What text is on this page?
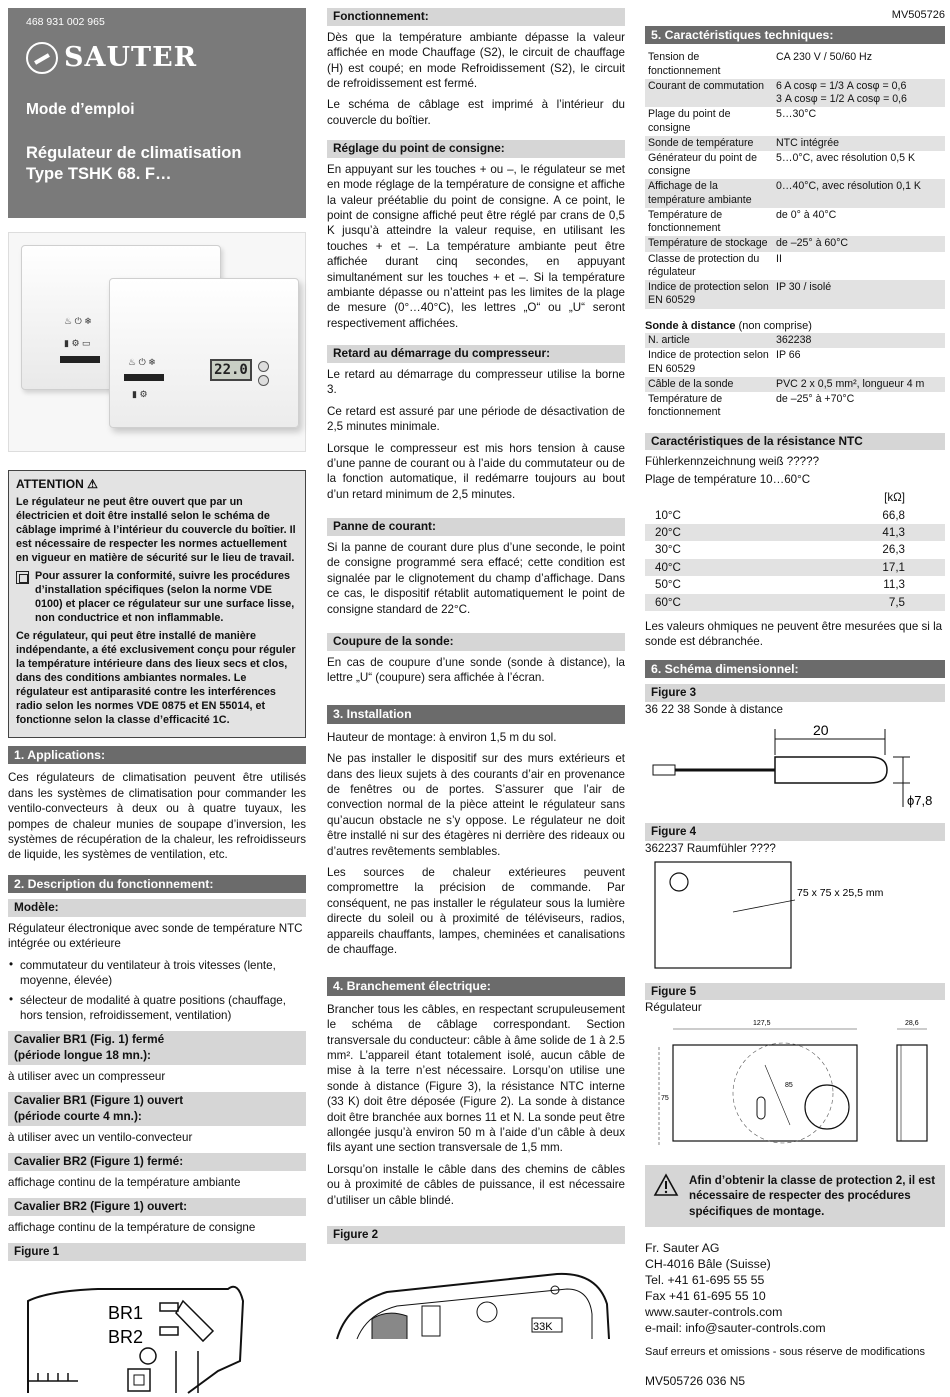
468 931 002 965
SAUTER
Mode d’emploi
Régulateur de climatisation
Type TSHK 68. F…
♨ ⏻ ❄
▮ ⚙ ▭
♨ ⏻ ❄
▮ ⚙
22.0
ATTENTION ⚠

Le régulateur ne peut être ouvert que par un électricien et doit être installé selon le schéma de câblage imprimé à l’intérieur du couvercle du boîtier. Il est nécessaire de respecter les normes actuellement en vigueur en matière de sécurité sur le lieu de travail.

Pour assurer la conformité, suivre les procédures d’installation spécifiques (selon la norme VDE 0100) et placer ce régulateur sur une surface lisse, non conductrice et non inflammable.

Ce régulateur, qui peut être installé de manière indépendante, a été exclusivement conçu pour réguler la température intérieure dans des lieux secs et clos, dans des conditions ambiantes normales. Le régulateur est antiparasité contre les interférences radio selon les normes VDE 0875 et EN 55014, et fonctionne selon la classe d’efficacité 1C.

1. Applications:

Ces régulateurs de climatisation peuvent être utilisés dans les systèmes de climatisation pour commander les ventilo-convecteurs à deux ou à quatre tuyaux, les pompes de chaleur munies de soupape d’inversion, les systèmes de récupération de la chaleur, les refroidisseurs de liquide, les systèmes de ventilation, etc.

2. Description du fonctionnement:
Modèle:

Régulateur électronique avec sonde de température NTC intégrée ou extérieure

• commutateur du ventilateur à trois vitesses (lente, moyenne, élevée)
• sélecteur de modalité à quatre positions (chauffage, hors tension, refroidissement, ventilation)
Cavalier BR1 (Fig. 1) fermé
(période longue 18 mn.):

à utiliser avec un compresseur

Cavalier BR1 (Figure 1) ouvert
(période courte 4 mn.):

à utiliser avec un ventilo-convecteur

Cavalier BR2 (Figure 1) fermé:

affichage continu de la température ambiante

Cavalier BR2 (Figure 1) ouvert:

affichage continu de la température de consigne

Figure 1
BR1
BR2
Fonctionnement:

Dès que la température ambiante dépasse la valeur affichée en mode Chauffage (S2), le circuit de chauffage (H) est coupé; en mode Refroidissement (S2), le circuit de refroidissement est fermé.

Le schéma de câblage est imprimé à l’intérieur du couvercle du boîtier.

Réglage du point de consigne:

En appuyant sur les touches + ou –, le régulateur se met en mode réglage de la température de consigne et affiche la valeur préétablie du point de consigne. A ce point, le point de consigne affiché peut être réglé par crans de 0,5 K jusqu’à atteindre la valeur requise, en utilisant les touches + et –. La température ambiante peut être affichée durant cinq secondes, en appuyant simultanément sur les touches + et –. Si la température ambiante dépasse ou n’atteint pas les limites de la plage de mesure (0°…40°C), les lettres „O“ ou „U“ seront respectivement affichées.

Retard au démarrage du compresseur:

Le retard au démarrage du compresseur utilise la borne 3.

Ce retard est assuré par une période de désactivation de 2,5 minutes minimale.

Lorsque le compresseur est mis hors tension à cause d’une panne de courant ou à l’aide du commutateur ou de la fonction automatique, il redémarre toujours au bout d’un retard minimum de 2,5 minutes.

Panne de courant:

Si la panne de courant dure plus d’une seconde, le point de consigne programmé sera effacé; cette condition est signalée par le clignotement du champ d’affichage. Dans ce cas, le dispositif rétablit automatiquement le point de consigne standard de 22°C.

Coupure de la sonde:

En cas de coupure d’une sonde (sonde à distance), la lettre „U“ (coupure) sera affichée à l’écran.

3. Installation

Hauteur de montage: à environ 1,5 m du sol.

Ne pas installer le dispositif sur des murs extérieurs et dans des lieux sujets à des courants d’air en provenance de fenêtres ou de portes. S’assurer que l’air de convection normal de la pièce atteint le régulateur sans qu’aucun obstacle ne s’y oppose. Le régulateur ne doit être installé ni sur des étagères ni derrière des rideaux ou d’autres revêtements semblables.

Les sources de chaleur extérieures peuvent compromettre la précision de commande. Par conséquent, ne pas installer le régulateur sous la lumière directe du soleil ou à proximité de téléviseurs, radios, appareils chauffants, lampes, cheminées et canalisations de chauffage.

4. Branchement électrique:

Brancher tous les câbles, en respectant scrupuleusement le schéma de câblage correspondant. Section transversale du conducteur: câble à âme solide de 1 à 2.5 mm². L’appareil étant totalement isolé, aucun câble de mise à la terre n’est nécessaire. Lorsqu’on utilise une sonde à distance (Figure 3), la résistance NTC interne (33 K) doit être déposée (Figure 2). La sonde à distance doit être branchée aux bornes 11 et N. La sonde peut être allongée jusqu’à environ 50 m à l’aide d’un câble à deux fils ayant une section transversale de 1,5 mm.

Lorsqu’on installe le câble dans des chemins de câbles ou à proximité de câbles de puissance, il est nécessaire d’utiliser un câble blindé.

Figure 2
33K
MV505726
5. Caractéristiques techniques:
Tension de fonctionnement	CA 230 V / 50/60 Hz
Courant de commutation	6 A cosφ = 1/3 A cosφ = 0,6
3 A cosφ = 1/2 A cosφ = 0,6
Plage du point de consigne	5…30°C
Sonde de température	NTC intégrée
Générateur du point de consigne	5…0°C, avec résolution 0,5 K
Affichage de la température ambiante	0…40°C, avec résolution 0,1 K
Température de fonctionnement	de 0° à 40°C
Température de stockage	de –25° à 60°C
Classe de protection du régulateur	II
Indice de protection selon EN 60529	IP 30 / isolé
Sonde à distance (non comprise)
N. article	362238
Indice de protection selon EN 60529	IP 66
Câble de la sonde	PVC 2 x 0,5 mm², longueur 4 m
Température de fonctionnement	de –25° à +70°C
Caractéristiques de la résistance NTC

Fühlerkennzeichnung weiß ?????

Plage de température 10…60°C

	[kΩ]
10°C	66,8
20°C	41,3
30°C	26,3
40°C	17,1
50°C	11,3
60°C	7,5

Les valeurs ohmiques ne peuvent être mesurées que si la sonde est débranchée.

6. Schéma dimensionnel:
Figure 3

36 22 38 Sonde à distance

20
ϕ7,8
Figure 4

362237 Raumfühler ????

75 x 75 x 25,5 mm
Figure 5

Régulateur

127,5	28,6
75
85
Afin d’obtenir la classe de protection 2, il est nécessaire de respecter des procédures spécifiques de montage.
Fr. Sauter AG
CH-4016 Bâle (Suisse)
Tel. +41 61-695 55 55
Fax +41 61-695 55 10
www.sauter-controls.com
e-mail: info@sauter-controls.com
Sauf erreurs et omissions - sous réserve de modifications
MV505726 036 N5
